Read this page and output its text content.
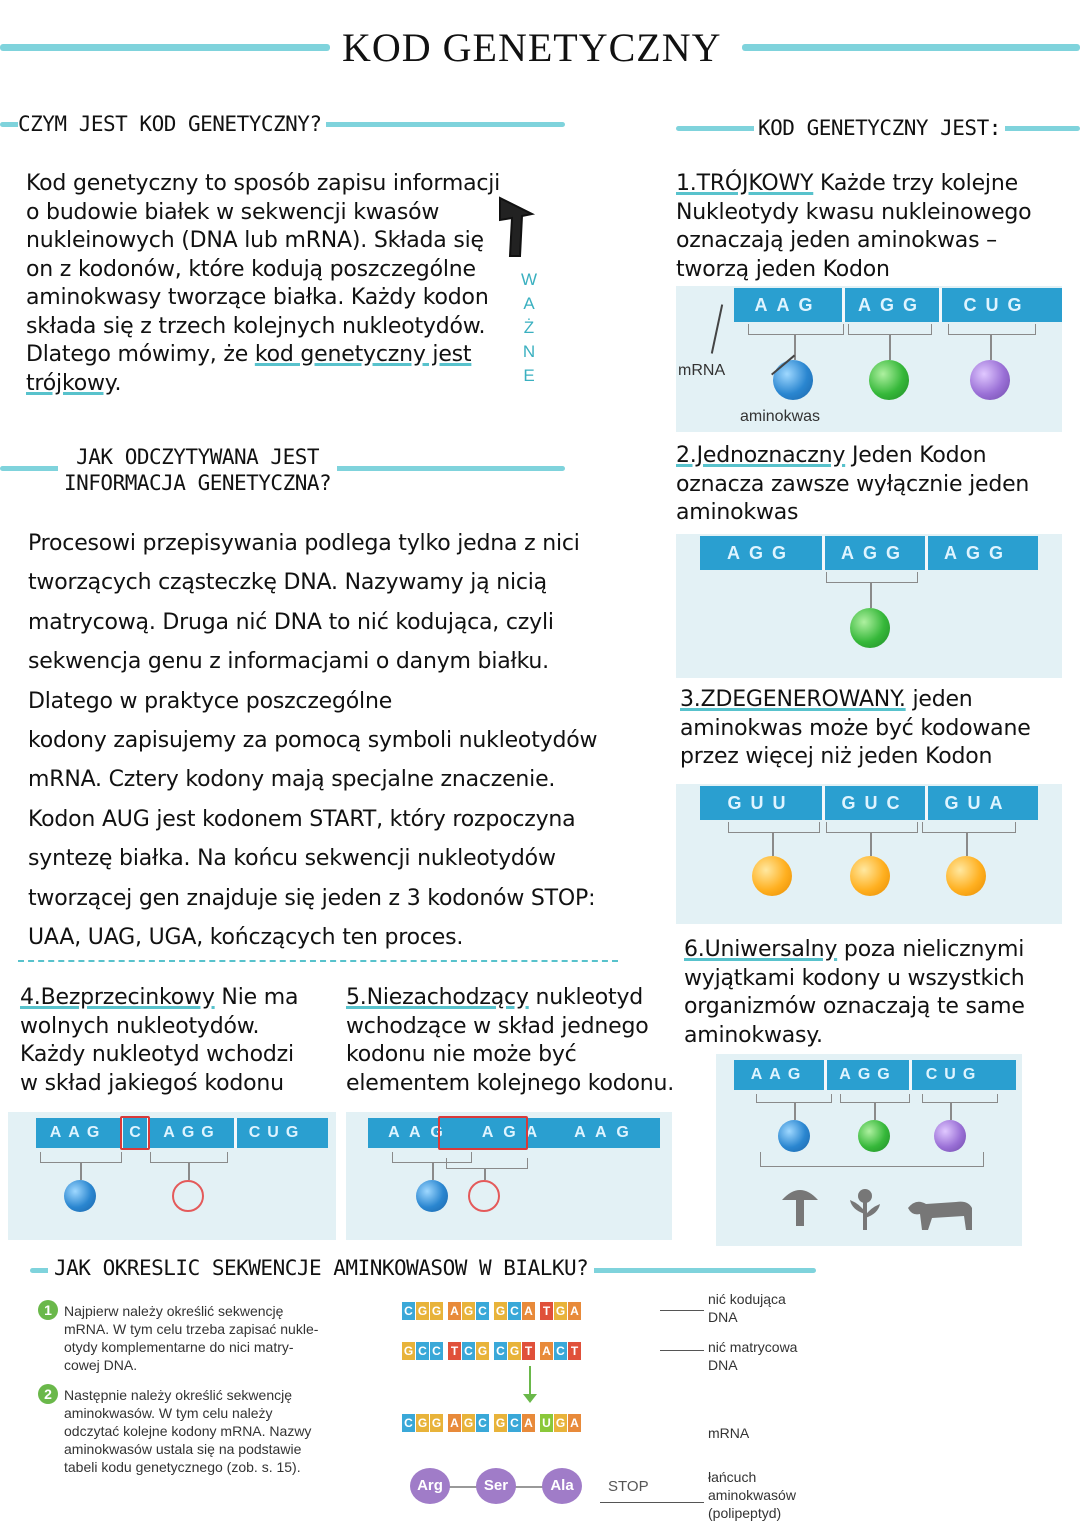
KOD GENETYCZNY
CZYM JEST KOD GENETYCZNY?
Kod genetyczny to sposób zapisu informacji
o budowie białek w sekwencji kwasów
nukleinowych (DNA lub mRNA). Składa się
on z kodonów, które kodują poszczególne
aminokwasy tworzące białka. Każdy kodon
składa się z trzech kolejnych nukleotydów.
Dlatego mówimy, że kod genetyczny jest
trójkowy.
W
A
Ż
N
E
JAK ODCZYTYWANA JEST
INFORMACJA GENETYCZNA?
Procesowi przepisywania podlega tylko jedna z nici
tworzących cząsteczkę DNA. Nazywamy ją nicią
matrycową. Druga nić DNA to nić kodująca, czyli
sekwencja genu z informacjami o danym białku.
Dlatego w praktyce poszczególne
kodony zapisujemy za pomocą symboli nukleotydów
mRNA. Cztery kodony mają specjalne znaczenie.
Kodon AUG jest kodonem START, który rozpoczyna
syntezę białka. Na końcu sekwencji nukleotydów
tworzącej gen znajduje się jeden z 3 kodonów STOP:
UAA, UAG, UGA, kończących ten proces.
KOD GENETYCZNY JEST:
1.TRÓJKOWY Każde trzy kolejne
Nukleotydy kwasu nukleinowego
oznaczają jeden aminokwas –
tworzą jeden Kodon
AAG	AGG	CUG
mRNA
aminokwas
2.Jednoznaczny Jeden Kodon
oznacza zawsze wyłącznie jeden
aminokwas
AGG	AGG	AGG
3.ZDEGENEROWANY. jeden
aminokwas może być kodowane
przez więcej niż jeden Kodon
GUU	GUC	GUA
6.Uniwersalny poza nielicznymi
wyjątkami kodony u wszystkich
organizmów oznaczają te same
aminokwasy.
AAG	AGG	CUG
4.Bezprzecinkowy Nie ma
wolnych nukleotydów.
Każdy nukleotyd wchodzi
w skład jakiegoś kodonu
5.Niezachodzący nukleotyd
wchodzące w skład jednego
kodonu nie może być
elementem kolejnego kodonu.
AAG	C	AGG	CUG	A A G	A G A	A A G
JAK OKRESLIC SEKWENCJE AMINKOWASOW W BIALKU?
1 Najpierw należy określić sekwencję
mRNA. W tym celu trzeba zapisać nukle-
otydy komplementarne do nici matry-
cowej DNA.
2 Następnie należy określić sekwencję
aminokwasów. W tym celu należy
odczytać kolejne kodony mRNA. Nazwy
aminokwasów ustala się na podstawie
tabeli kodu genetycznego (zob. s. 15).
C G G A G C G C A T G A
G C C T C G C G T A C T
C G G A G C G C A U G A
nić kodująca
DNA
nić matrycowa
DNA
mRNA
łańcuch
aminokwasów
(polipeptyd)
Arg	Ser	Ala	STOP
